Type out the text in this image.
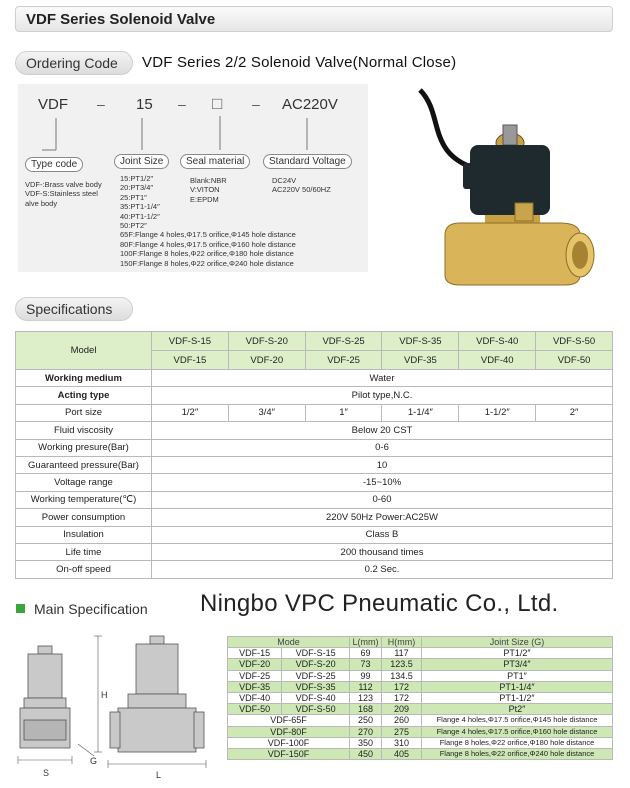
VDF Series Solenoid Valve
Ordering Code VDF Series 2/2 Solenoid Valve(Normal Close)
VDF – 15 – □ – AC220V
Type code
VDF-:Brass valve body
VDF-S:Stainless steel
alve body
Joint Size
15:PT1/2″
20:PT3/4″
25:PT1″
35:PT1-1/4″
40:PT1-1/2″
50:PT2″
65F:Flange 4 holes,Φ17.5 orifice,Φ145 hole distance
80F:Flange 4 holes,Φ17.5 orifice,Φ160 hole distance
100F:Flange 8 holes,Φ22 orifice,Φ180 hole distance
150F:Flange 8 holes,Φ22 orifice,Φ240 hole distance
Seal material
Blank:NBR
V:VITON
E:EPDM
Standard Voltage
DC24V
AC220V 50/60HZ
Specifications
Model	VDF-S-15	VDF-S-20	VDF-S-25	VDF-S-35	VDF-S-40	VDF-S-50
	VDF-15	VDF-20	VDF-25	VDF-35	VDF-40	VDF-50
Working medium	Water					
Acting type	Pilot type,N.C.					
Port size	1/2″	3/4″	1″	1-1/4″	1-1/2″	2″
Fluid viscosity	Below 20 CST					
Working presure(Bar)	0-6					
Guaranteed pressure(Bar)	10					
Voltage range	-15~10%					
Working temperature(℃)	0-60					
Power consumption	220V 50Hz Power:AC25W					
Insulation	Class B					
Life time	200 thousand times					
On-off speed	0.2 Sec.					
Main Specification Ningbo VPC Pneumatic Co., Ltd.
S
G
H
L
Mode		L(mm)	H(mm)	Joint Size (G)
VDF-15	VDF-S-15	69	117	PT1/2″
VDF-20	VDF-S-20	73	123.5	PT3/4″
VDF-25	VDF-S-25	99	134.5	PT1″
VDF-35	VDF-S-35	112	172	PT1-1/4″
VDF-40	VDF-S-40	123	172	PT1-1/2″
VDF-50	VDF-S-50	168	209	Pt2″
VDF-65F		250	260	Flange 4 holes,Φ17.5 orifice,Φ145 hole distance
VDF-80F		270	275	Flange 4 holes,Φ17.5 orifice,Φ160 hole distance
VDF-100F		350	310	Flange 8 holes,Φ22 orifice,Φ180 hole distance
VDF-150F		450	405	Flange 8 holes,Φ22 orifice,Φ240 hole distance
